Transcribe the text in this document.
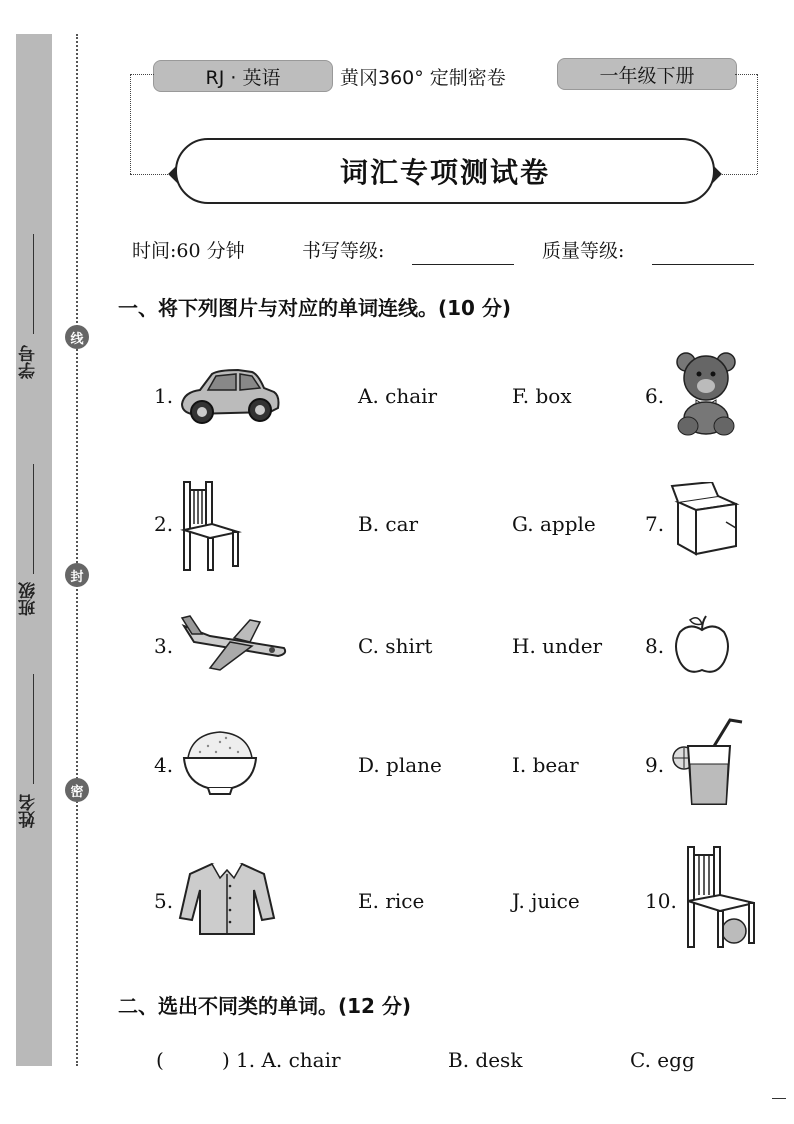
学号
班级
姓名
线
封
密
RJ · 英语	黄冈360° 定制密卷	一年级下册
词汇专项测试卷
时间:60 分钟	书写等级:	质量等级:
一、将下列图片与对应的单词连线。(10 分)
1.	A. chair	F. box	6.
2.	B. car	G. apple 7.
3.	C. shirt	H. under 8.
4.	D. plane	I. bear	9.
5.	E. rice	J. juice	10.
二、选出不同类的单词。(12 分)
(	) 1. A. chair	B. desk	C. egg
